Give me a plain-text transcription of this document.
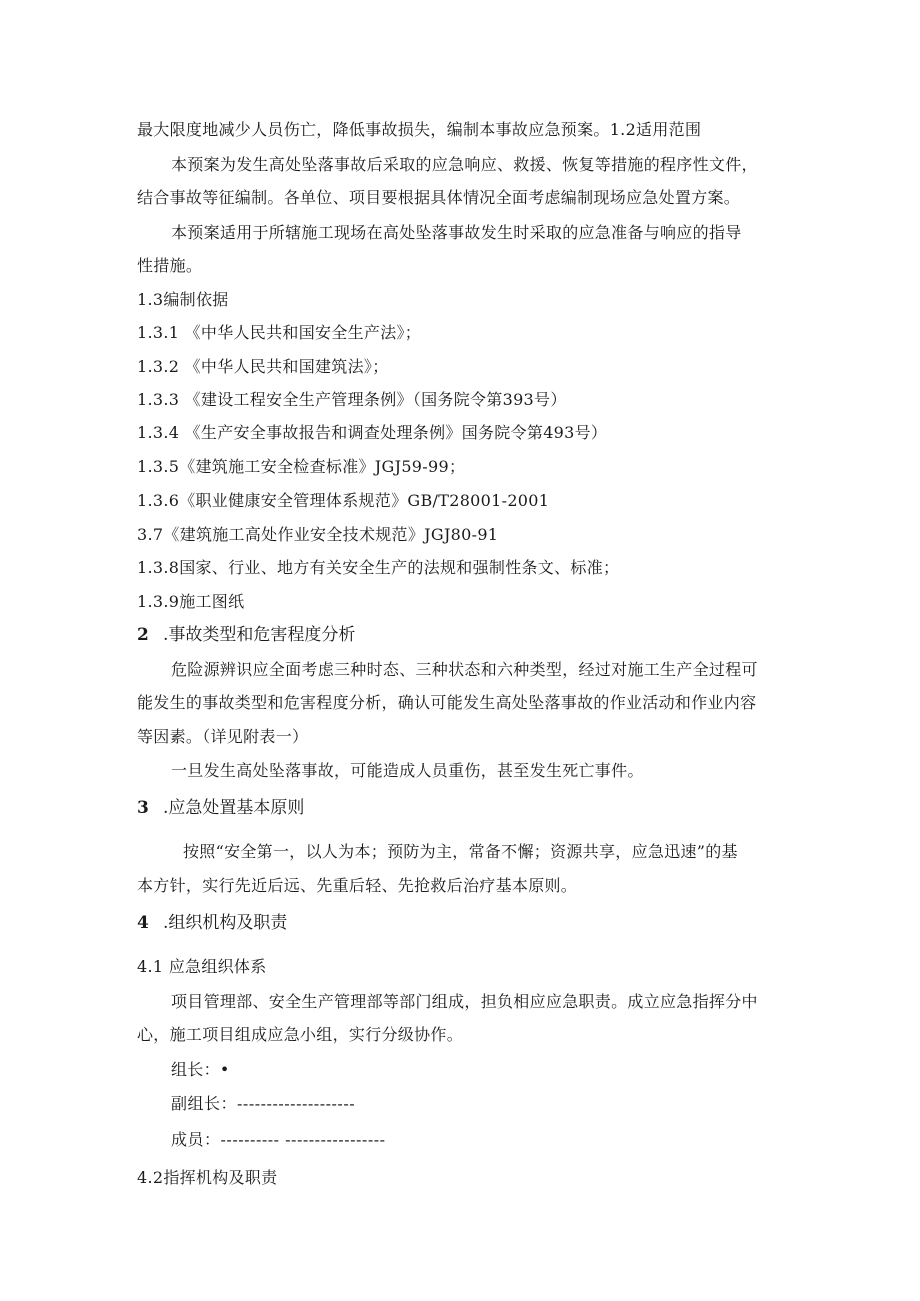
最大限度地减少人员伤亡，降低事故损失，编制本事故应急预案。1.2适用范围
本预案为发生高处坠落事故后采取的应急响应、救援、恢复等措施的程序性文件，
结合事故等征编制。各单位、项目要根据具体情况全面考虑编制现场应急处置方案。
本预案适用于所辖施工现场在高处坠落事故发生时采取的应急准备与响应的指导
性措施。
1.3编制依据
1.3.1 《中华人民共和国安全生产法》；
1.3.2 《中华人民共和国建筑法》；
1.3.3 《建设工程安全生产管理条例》（国务院令第393号）
1.3.4 《生产安全事故报告和调查处理条例》国务院令第493号）
1.3.5《建筑施工安全检查标准》JGJ59-99；
1.3.6《职业健康安全管理体系规范》GB/T28001-2001
3.7《建筑施工高处作业安全技术规范》JGJ80-91
1.3.8国家、行业、地方有关安全生产的法规和强制性条文、标准；
1.3.9施工图纸
2 .事故类型和危害程度分析
危险源辨识应全面考虑三种时态、三种状态和六种类型，经过对施工生产全过程可
能发生的事故类型和危害程度分析，确认可能发生高处坠落事故的作业活动和作业内容
等因素。（详见附表一）
一旦发生高处坠落事故，可能造成人员重伤，甚至发生死亡事件。
3 .应急处置基本原则
按照“安全第一，以人为本；预防为主，常备不懈；资源共享，应急迅速”的基
本方针，实行先近后远、先重后轻、先抢救后治疗基本原则。
4 .组织机构及职责
4.1 应急组织体系
项目管理部、安全生产管理部等部门组成，担负相应应急职责。成立应急指挥分中
心，施工项目组成应急小组，实行分级协作。
组长：•
副组长：--------------------
成员：---------- -----------------
4.2指挥机构及职责
